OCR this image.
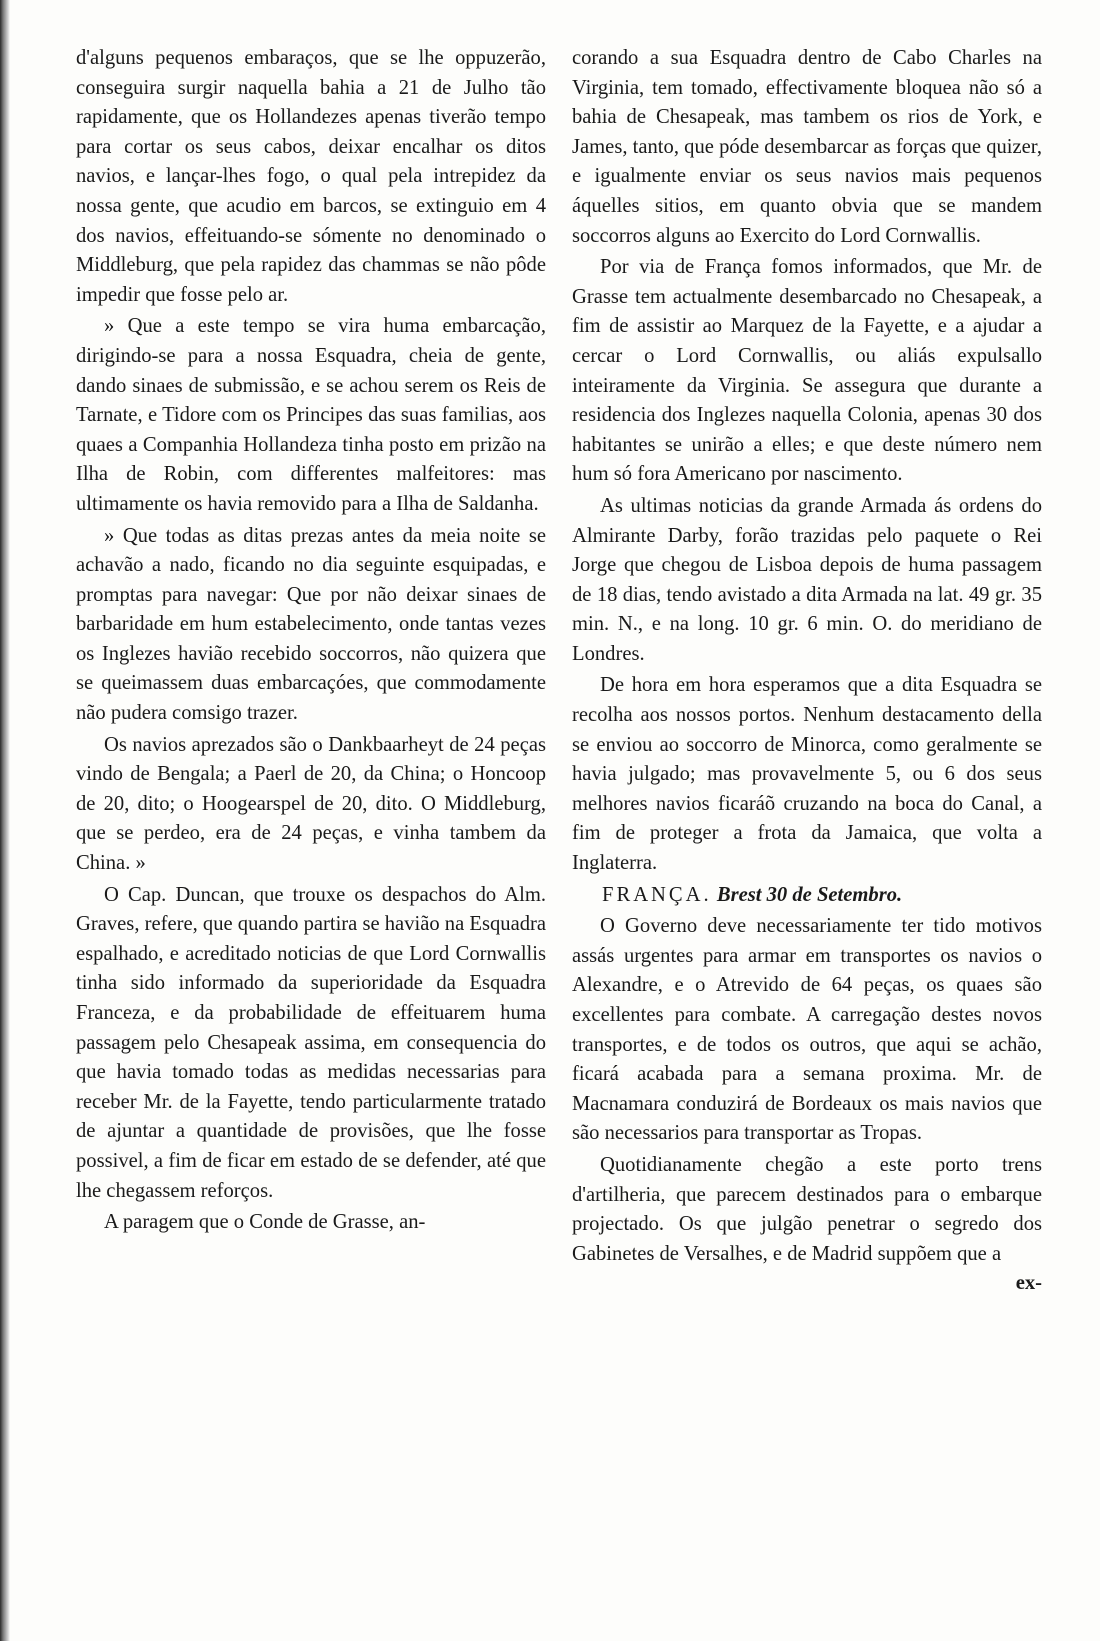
d'alguns pequenos embaraços, que se lhe oppuzerão, conseguira surgir naquella bahia a 21 de Julho tão rapidamente, que os Hollandezes apenas tiverão tempo para cortar os seus cabos, deixar encalhar os ditos navios, e lançar-lhes fogo, o qual pela intrepidez da nossa gente, que acudio em barcos, se extinguio em 4 dos navios, effeituando-se sómente no denominado o Middleburg, que pela rapidez das chammas se não pôde impedir que fosse pelo ar.

» Que a este tempo se vira huma embarcação, dirigindo-se para a nossa Esquadra, cheia de gente, dando sinaes de submissão, e se achou serem os Reis de Tarnate, e Tidore com os Principes das suas familias, aos quaes a Companhia Hollandeza tinha posto em prizão na Ilha de Robin, com differentes malfeitores: mas ultimamente os havia removido para a Ilha de Saldanha.

» Que todas as ditas prezas antes da meia noite se achavão a nado, ficando no dia seguinte esquipadas, e promptas para navegar: Que por não deixar sinaes de barbaridade em hum estabelecimento, onde tantas vezes os Inglezes havião recebido soccorros, não quizera que se queimassem duas embarcaçóes, que commodamente não pudera comsigo trazer.

Os navios aprezados são o Dankbaarheyt de 24 peças vindo de Bengala; a Paerl de 20, da China; o Honcoop de 20, dito; o Hoogearspel de 20, dito. O Middleburg, que se perdeo, era de 24 peças, e vinha tambem da China. »

O Cap. Duncan, que trouxe os despachos do Alm. Graves, refere, que quando partira se havião na Esquadra espalhado, e acreditado noticias de que Lord Cornwallis tinha sido informado da superioridade da Esquadra Franceza, e da probabilidade de effeituarem huma passagem pelo Chesapeak assima, em consequencia do que havia tomado todas as medidas necessarias para receber Mr. de la Fayette, tendo particularmente tratado de ajuntar a quantidade de provisões, que lhe fosse possivel, a fim de ficar em estado de se defender, até que lhe chegassem reforços.

A paragem que o Conde de Grasse, an-

corando a sua Esquadra dentro de Cabo Charles na Virginia, tem tomado, effectivamente bloquea não só a bahia de Chesapeak, mas tambem os rios de York, e James, tanto, que póde desembarcar as forças que quizer, e igualmente enviar os seus navios mais pequenos áquelles sitios, em quanto obvia que se mandem soccorros alguns ao Exercito do Lord Cornwallis.

Por via de França fomos informados, que Mr. de Grasse tem actualmente desembarcado no Chesapeak, a fim de assistir ao Marquez de la Fayette, e a ajudar a cercar o Lord Cornwallis, ou aliás expulsallo inteiramente da Virginia. Se assegura que durante a residencia dos Inglezes naquella Colonia, apenas 30 dos habitantes se unirão a elles; e que deste número nem hum só fora Americano por nascimento.

As ultimas noticias da grande Armada ás ordens do Almirante Darby, forão trazidas pelo paquete o Rei Jorge que chegou de Lisboa depois de huma passagem de 18 dias, tendo avistado a dita Armada na lat. 49 gr. 35 min. N., e na long. 10 gr. 6 min. O. do meridiano de Londres.

De hora em hora esperamos que a dita Esquadra se recolha aos nossos portos. Nenhum destacamento della se enviou ao soccorro de Minorca, como geralmente se havia julgado; mas provavelmente 5, ou 6 dos seus melhores navios ficaráõ cruzando na boca do Canal, a fim de proteger a frota da Jamaica, que volta a Inglaterra.

FRANÇA. Brest 30 de Setembro.

O Governo deve necessariamente ter tido motivos assás urgentes para armar em transportes os navios o Alexandre, e o Atrevido de 64 peças, os quaes são excellentes para combate. A carregação destes novos transportes, e de todos os outros, que aqui se achão, ficará acabada para a semana proxima. Mr. de Macnamara conduzirá de Bordeaux os mais navios que são necessarios para transportar as Tropas.

Quotidianamente chegão a este porto trens d'artilheria, que parecem destinados para o embarque projectado. Os que julgão penetrar o segredo dos Gabinetes de Versalhes, e de Madrid suppõem que a

ex-
